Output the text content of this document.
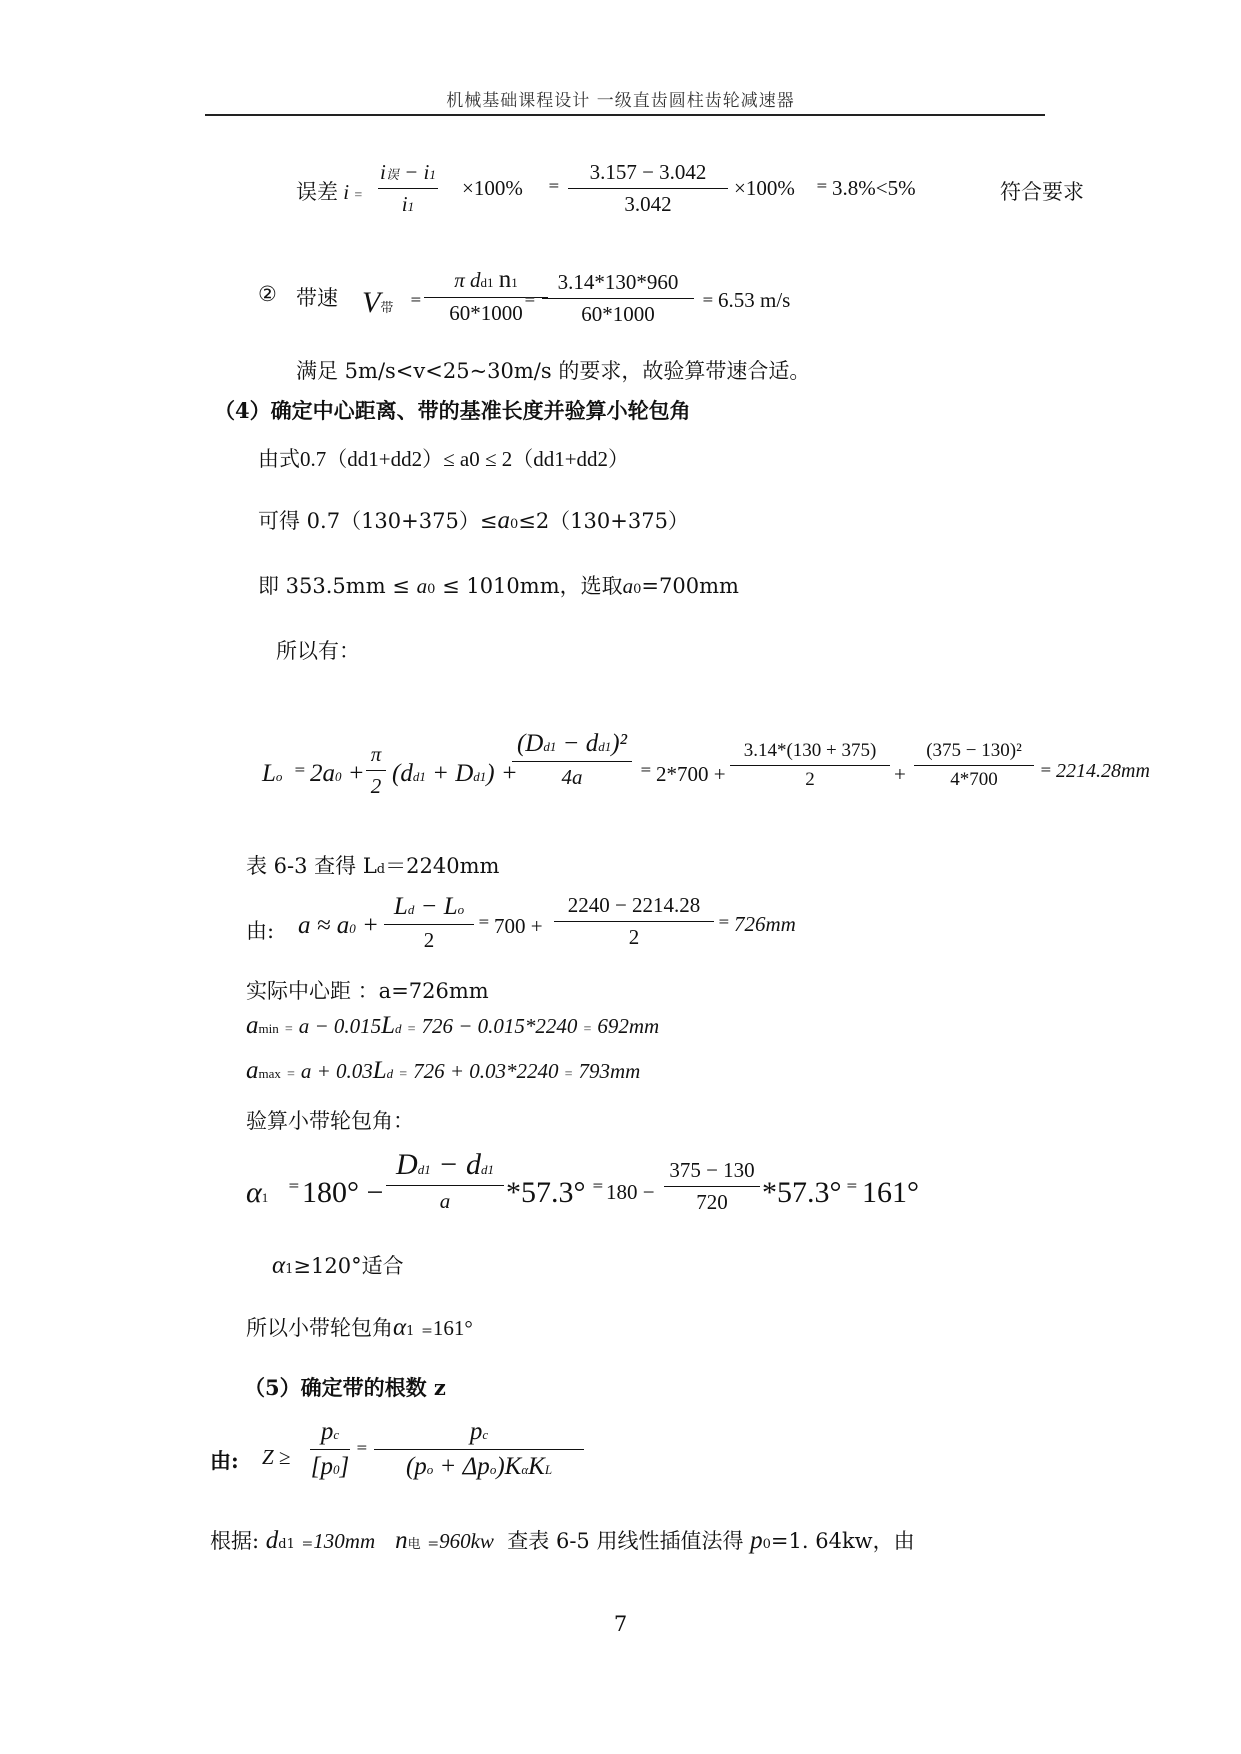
机械基础课程设计 一级直齿圆柱齿轮减速器
误差 i =
i误 − i1
i1
×100% =
3.157 − 3.042
3.042
×100% = 3.8%<5%	符合要求
② 带速 V带 =
π dd1 n1
60*1000
=
3.14*130*960
60*1000
= 6.53 m/s
满足 5m/s<v<25~30m/s 的要求，故验算带速合适。
（4）确定中心距离、带的基准长度并验算小轮包角
由式0.7（dd1+dd2）≤ a0 ≤ 2（dd1+dd2）
可得 0.7（130+375）≤a0≤2（130+375）
即 353.5mm ≤ a0 ≤ 1010mm，选取a0=700mm
所以有：
Lo = 2a0 +
π
2 (dd1 + Dd1) +
(Dd1 − dd1)²
4a	= 2*700 +
3.14*(130 + 375)
2	+
(375 − 130)²
4*700	= 2214.28mm
表 6-3 查得 Ld＝2240mm
由: a ≈ a0 +
Ld − Lo
2
= 700 +
2240 − 2214.28
2
= 726mm
实际中心距 ：a=726mm
amin = a − 0.015Ld = 726 − 0.015*2240 = 692mm
amax = a + 0.03Ld = 726 + 0.03*2240 = 793mm
验算小带轮包角：
α1
= 180° −
Dd1 − dd1
a	*57.3° = 180 −
375 − 130
720	*57.3° = 161°
α1≥120°适合
所以小带轮包角α1 =161°
（5）确定带的根数 z
由: Z ≥
pc
[p0]
=
pc
(po + Δpo)KαKL
根据: dd1 =130mm n电 =960kw 查表 6-5 用线性插值法得 p0=1. 64kw，由
7
